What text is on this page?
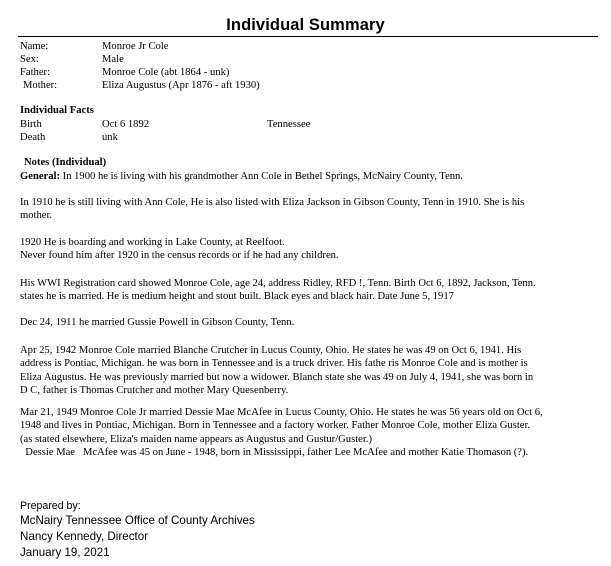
Individual Summary
Name:	Monroe Jr Cole
Sex:	Male
Father:	Monroe Cole (abt 1864 - unk)
Mother:	Eliza Augustus (Apr 1876 - aft 1930)
Individual Facts
Birth	Oct 6 1892	Tennessee
Death	unk
Notes (Individual)
General: In 1900 he is living with his grandmother Ann Cole in Bethel Springs, McNairy County, Tenn.
In 1910 he is still living with Ann Cole, He is also listed with Eliza Jackson in Gibson County, Tenn in 1910. She is his
mother.
1920 He is boarding and working in Lake County, at Reelfoot.
Never found him after 1920 in the census records or if he had any children.
His WWI Registration card showed Monroe Cole, age 24, address Ridley, RFD !, Tenn. Birth Oct 6, 1892, Jackson, Tenn.
states he is married. He is medium height and stout built. Black eyes and black hair. Date June 5, 1917
Dec 24, 1911 he married Gussie Powell in Gibson County, Tenn.
Apr 25, 1942 Monroe Cole married Blanche Crutcher in Lucus County, Ohio. He states he was 49 on Oct 6, 1941. His
address is Pontiac, Michigan. he was born in Tennessee and is a truck driver. His fathe ris Monroe Cole and is mother is
Eliza Augustus. He was previously married but now a widower. Blanch state she was 49 on July 4, 1941, she was born in
D C, father is Thomas Crutcher and mother Mary Quesenberry.
Mar 21, 1949 Monroe Cole Jr married Dessie Mae McAfee in Lucus County, Ohio. He states he was 56 years old on Oct 6,
1948 and lives in Pontiac, Michigan. Born in Tennessee and a factory worker. Father Monroe Cole, mother Eliza Guster.
(as stated elsewhere, Eliza's maiden name appears as Augustus and Gustur/Guster.)
Dessie Mae   McAfee was 45 on June - 1948, born in Mississippi, father Lee McAfee and mother Katie Thomason (?).
Prepared by:
McNairy Tennessee Office of County Archives
Nancy Kennedy, Director
January 19, 2021
